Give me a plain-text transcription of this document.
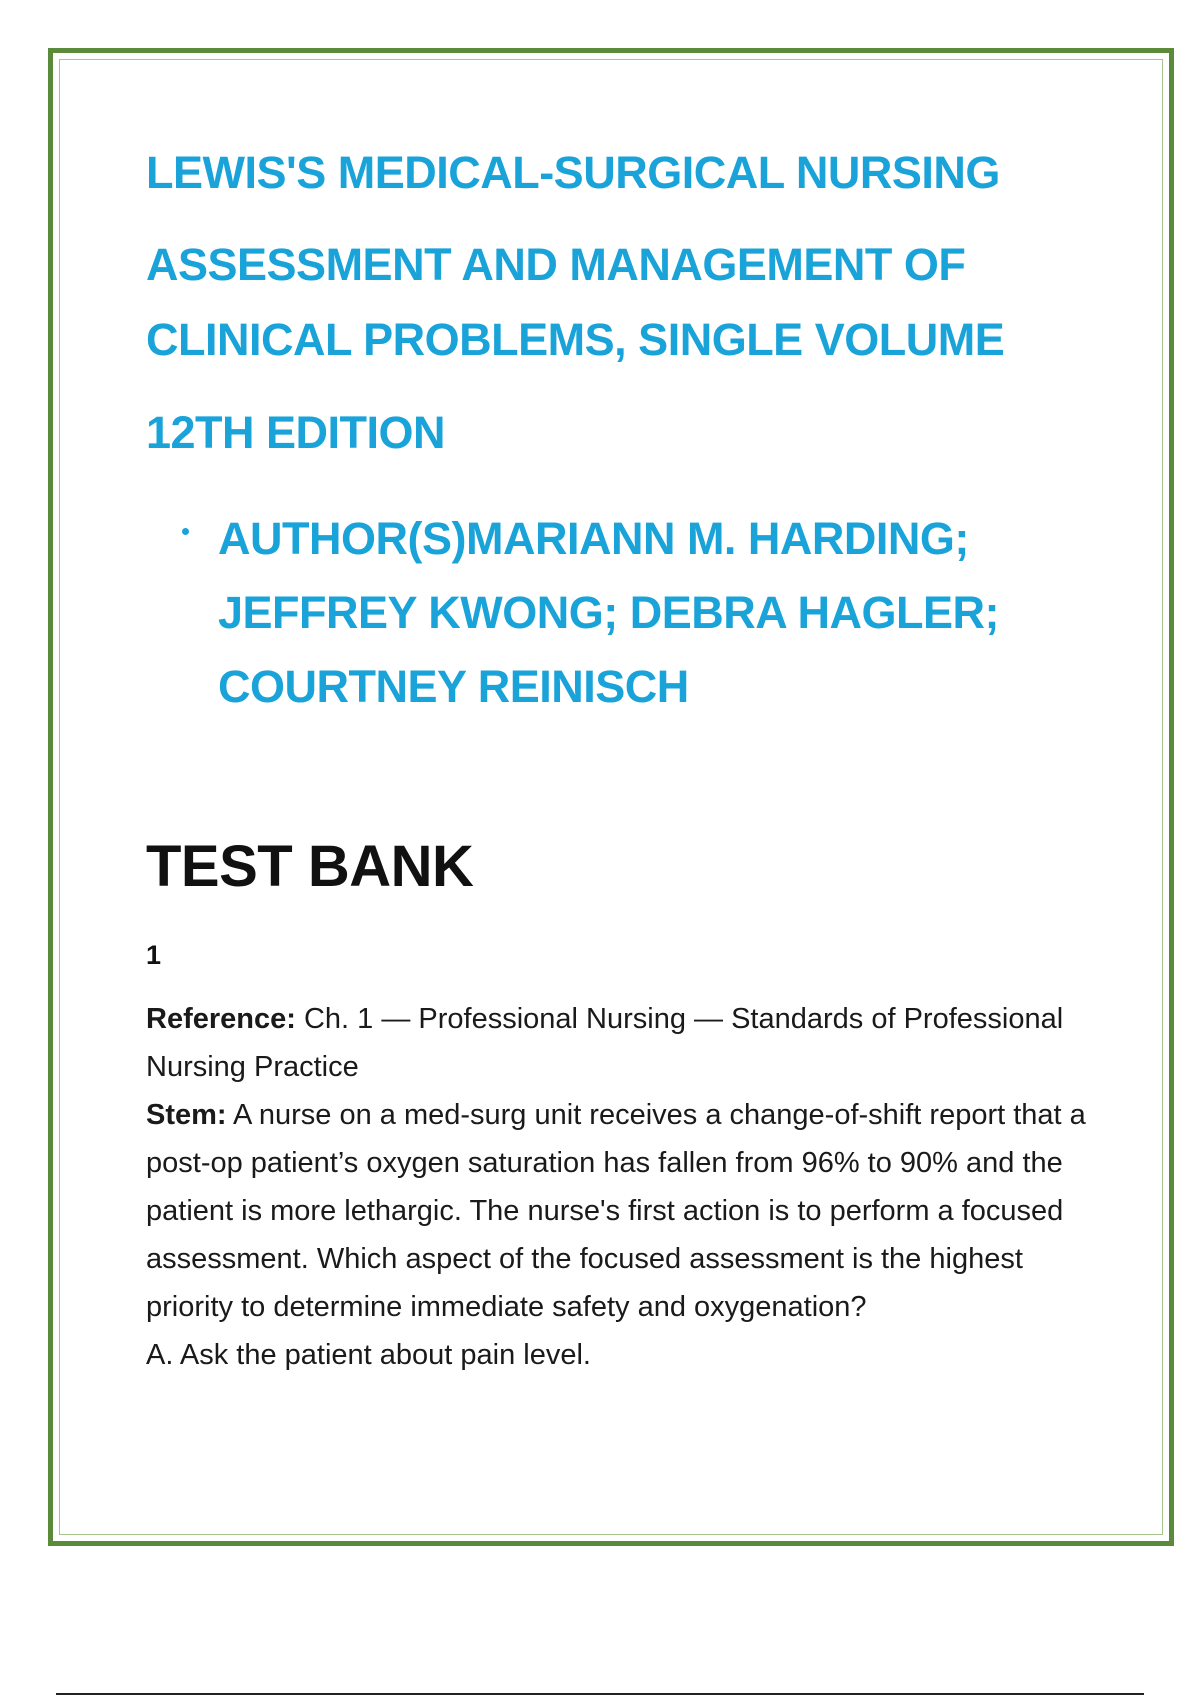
LEWIS'S MEDICAL-SURGICAL NURSING
ASSESSMENT AND MANAGEMENT OF
CLINICAL PROBLEMS, SINGLE VOLUME
12TH EDITION
AUTHOR(S)MARIANN M. HARDING; JEFFREY KWONG; DEBRA HAGLER; COURTNEY REINISCH
TEST BANK
1

Reference: Ch. 1 — Professional Nursing — Standards of Professional Nursing Practice

Stem: A nurse on a med-surg unit receives a change-of-shift report that a post-op patient’s oxygen saturation has fallen from 96% to 90% and the patient is more lethargic. The nurse's first action is to perform a focused assessment. Which aspect of the focused assessment is the highest priority to determine immediate safety and oxygenation?

A. Ask the patient about pain level.
